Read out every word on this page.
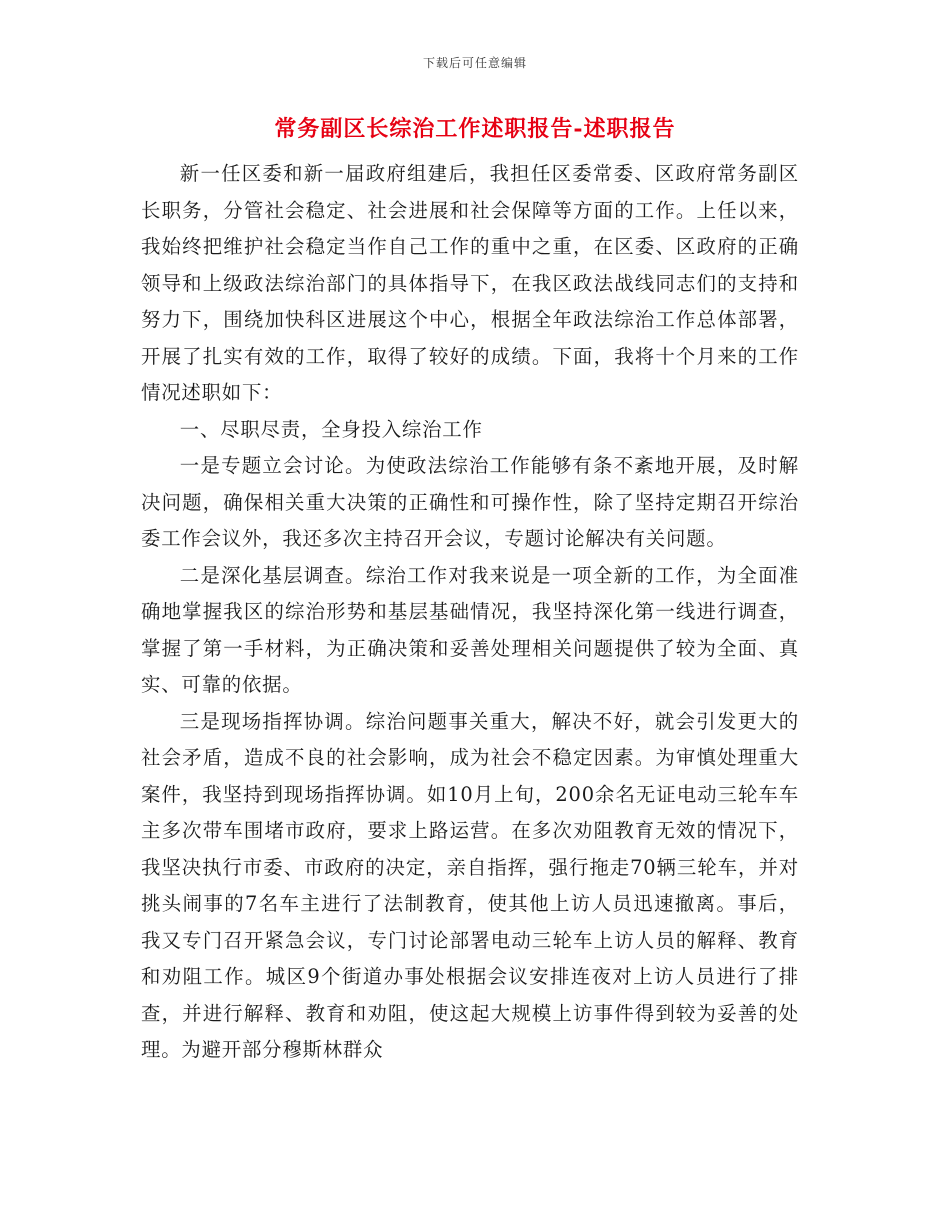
下载后可任意编辑
常务副区长综治工作述职报告-述职报告

新一任区委和新一届政府组建后，我担任区委常委、区政府常务副区长职务，分管社会稳定、社会进展和社会保障等方面的工作。上任以来，我始终把维护社会稳定当作自己工作的重中之重，在区委、区政府的正确领导和上级政法综治部门的具体指导下，在我区政法战线同志们的支持和努力下，围绕加快科区进展这个中心，根据全年政法综治工作总体部署，开展了扎实有效的工作，取得了较好的成绩。下面，我将十个月来的工作情况述职如下：

一、尽职尽责，全身投入综治工作

一是专题立会讨论。为使政法综治工作能够有条不紊地开展，及时解决问题，确保相关重大决策的正确性和可操作性，除了坚持定期召开综治委工作会议外，我还多次主持召开会议，专题讨论解决有关问题。

二是深化基层调查。综治工作对我来说是一项全新的工作，为全面准确地掌握我区的综治形势和基层基础情况，我坚持深化第一线进行调查，掌握了第一手材料，为正确决策和妥善处理相关问题提供了较为全面、真实、可靠的依据。

三是现场指挥协调。综治问题事关重大，解决不好，就会引发更大的社会矛盾，造成不良的社会影响，成为社会不稳定因素。为审慎处理重大案件，我坚持到现场指挥协调。如10月上旬，200余名无证电动三轮车车主多次带车围堵市政府，要求上路运营。在多次劝阻教育无效的情况下，我坚决执行市委、市政府的决定，亲自指挥，强行拖走70辆三轮车，并对挑头闹事的7名车主进行了法制教育，使其他上访人员迅速撤离。事后，我又专门召开紧急会议，专门讨论部署电动三轮车上访人员的解释、教育和劝阻工作。城区9个街道办事处根据会议安排连夜对上访人员进行了排查，并进行解释、教育和劝阻，使这起大规模上访事件得到较为妥善的处理。为避开部分穆斯林群众
